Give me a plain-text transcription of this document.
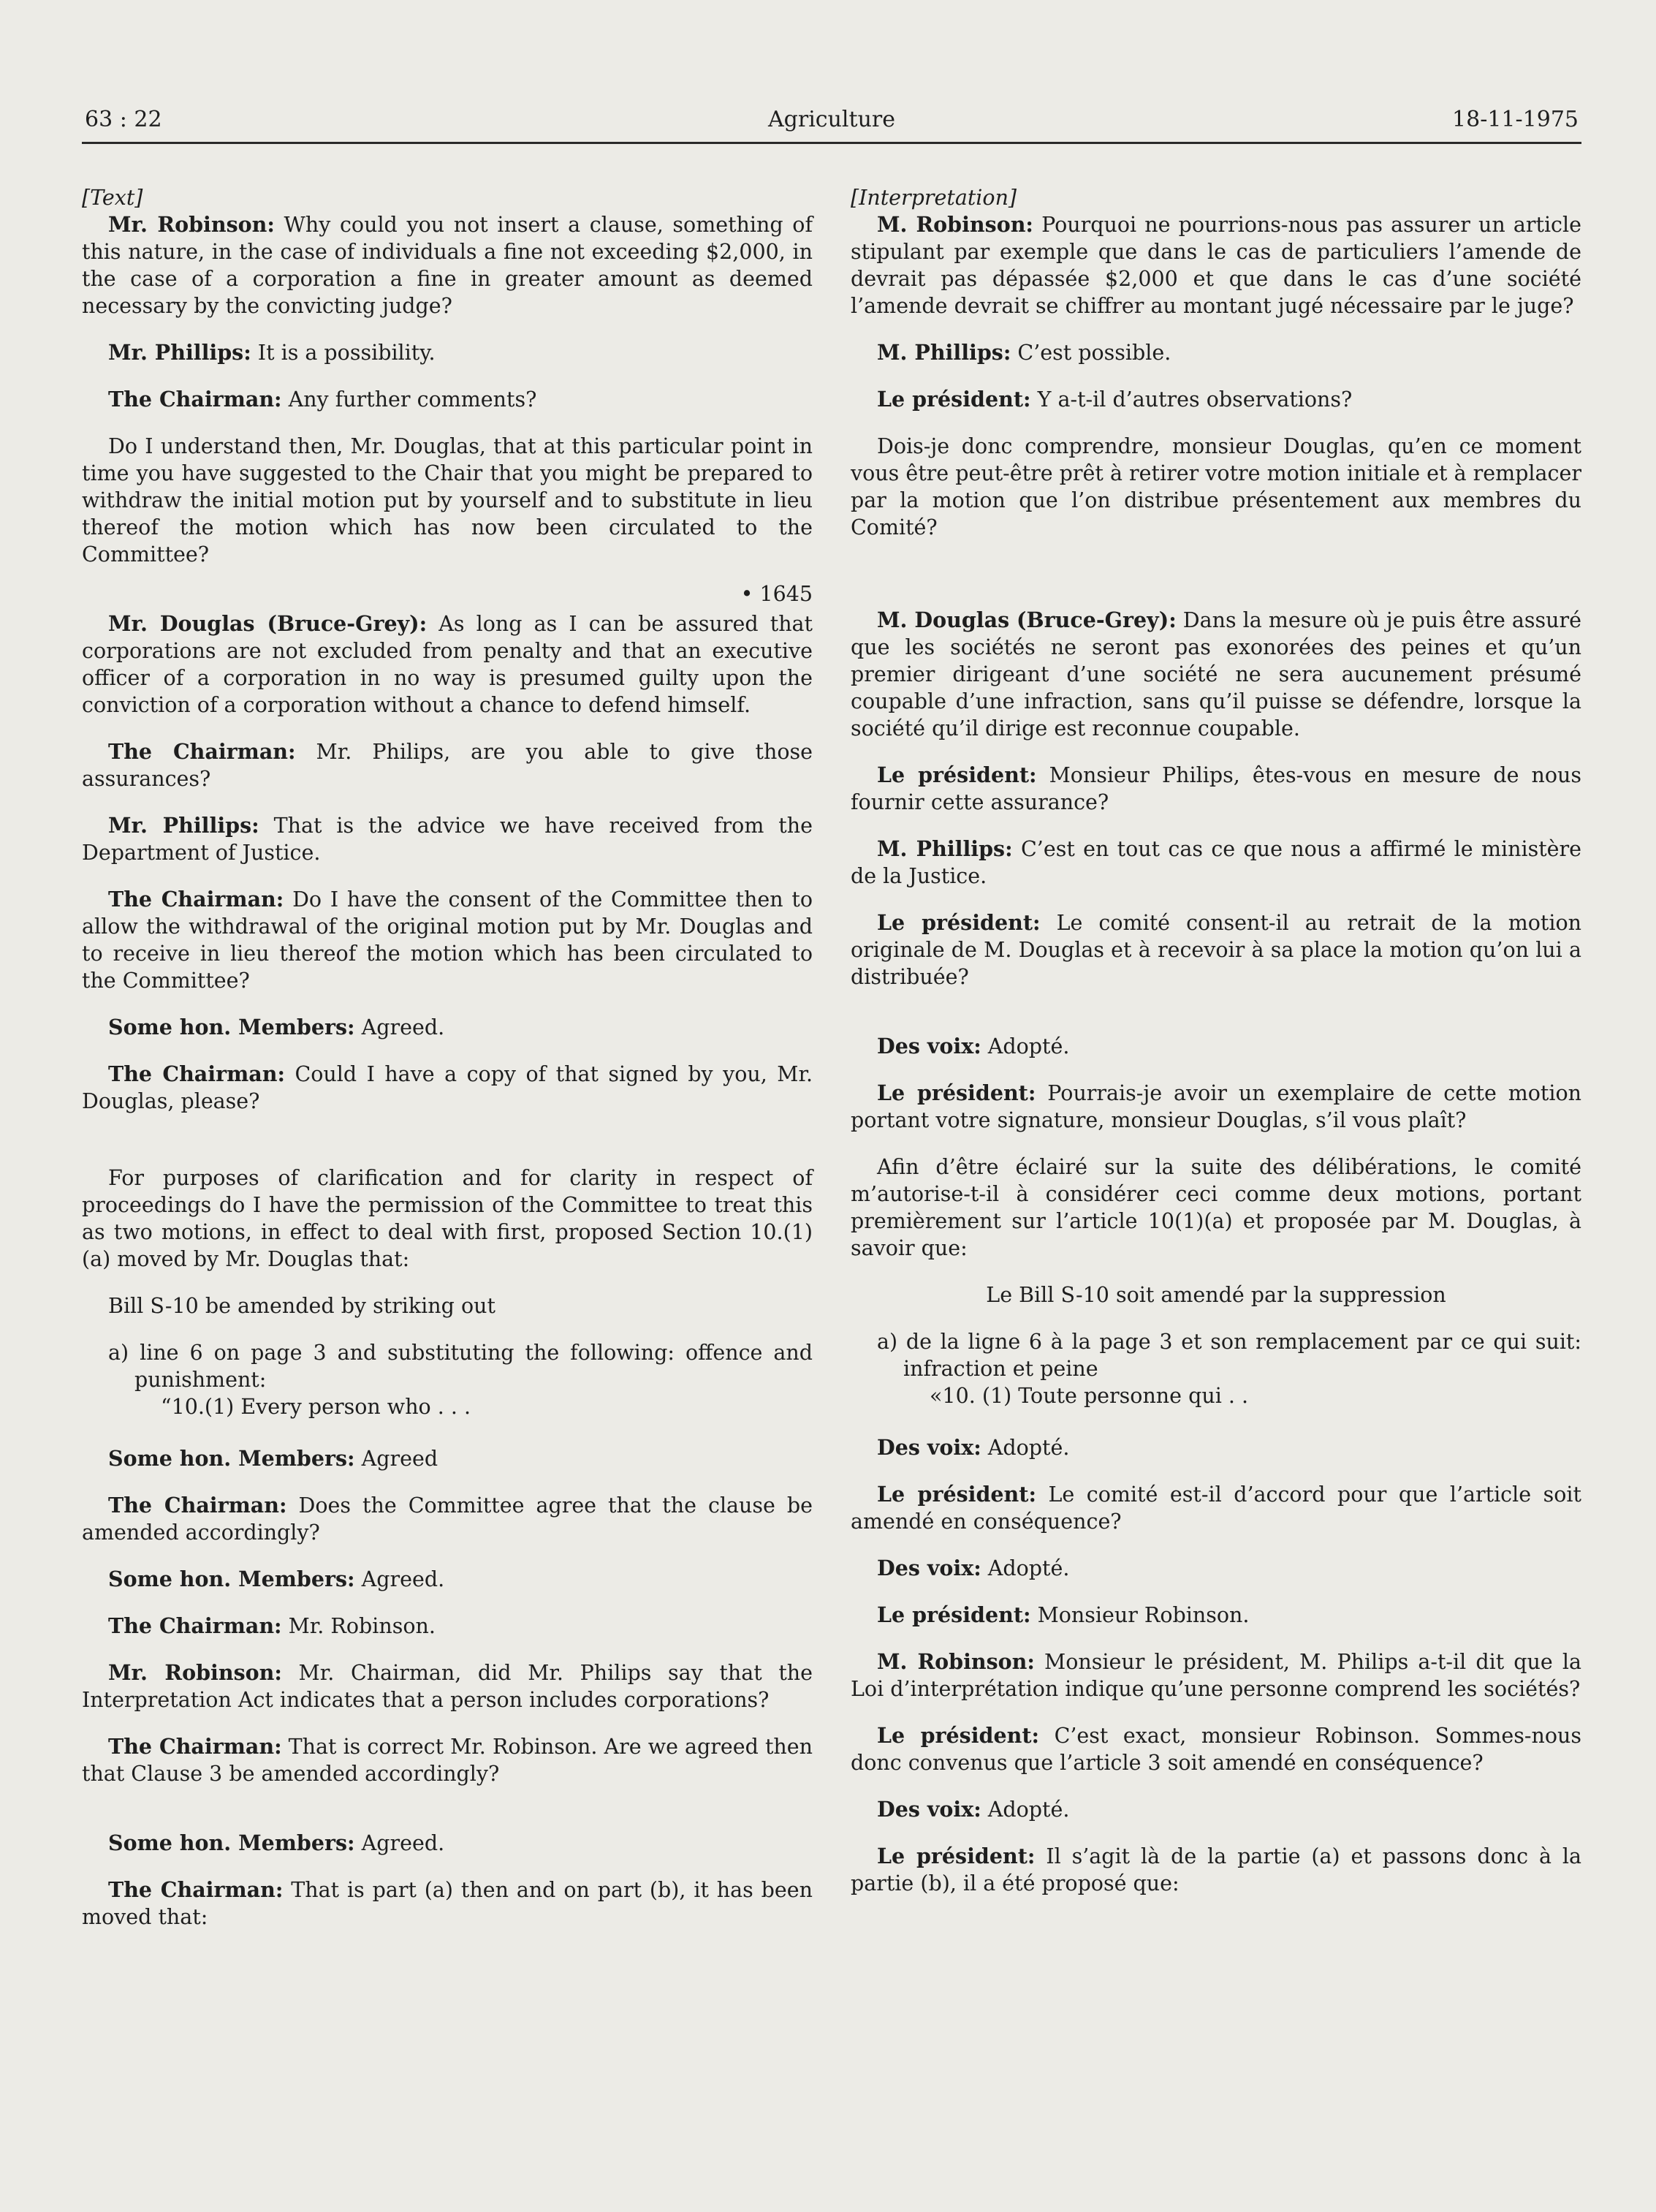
63 : 22	Agriculture	18-11-1975

[Text]

Mr. Robinson: Why could you not insert a clause, something of this nature, in the case of individuals a fine not exceeding $2,000, in the case of a corporation a fine in greater amount as deemed necessary by the convicting judge?

Mr. Phillips: It is a possibility.

The Chairman: Any further comments?

Do I understand then, Mr. Douglas, that at this particular point in time you have suggested to the Chair that you might be prepared to withdraw the initial motion put by yourself and to substitute in lieu thereof the motion which has now been circulated to the Committee?

• 1645

Mr. Douglas (Bruce-Grey): As long as I can be assured that corporations are not excluded from penalty and that an executive officer of a corporation in no way is presumed guilty upon the conviction of a corporation without a chance to defend himself.

The Chairman: Mr. Philips, are you able to give those assurances?

Mr. Phillips: That is the advice we have received from the Department of Justice.

The Chairman: Do I have the consent of the Committee then to allow the withdrawal of the original motion put by Mr. Douglas and to receive in lieu thereof the motion which has been circulated to the Committee?

Some hon. Members: Agreed.

The Chairman: Could I have a copy of that signed by you, Mr. Douglas, please?

For purposes of clarification and for clarity in respect of proceedings do I have the permission of the Committee to treat this as two motions, in effect to deal with first, proposed Section 10.(1)(a) moved by Mr. Douglas that:

Bill S-10 be amended by striking out

a) line 6 on page 3 and substituting the following: offence and punishment:

“10.(1) Every person who . . .

Some hon. Members: Agreed

The Chairman: Does the Committee agree that the clause be amended accordingly?

Some hon. Members: Agreed.

The Chairman: Mr. Robinson.

Mr. Robinson: Mr. Chairman, did Mr. Philips say that the Interpretation Act indicates that a person includes corporations?

The Chairman: That is correct Mr. Robinson. Are we agreed then that Clause 3 be amended accordingly?

Some hon. Members: Agreed.

The Chairman: That is part (a) then and on part (b), it has been moved that:

[Interpretation]

M. Robinson: Pourquoi ne pourrions-nous pas assurer un article stipulant par exemple que dans le cas de particuliers l’amende de devrait pas dépassée $2,000 et que dans le cas d’une société l’amende devrait se chiffrer au montant jugé nécessaire par le juge?

M. Phillips: C’est possible.

Le président: Y a-t-il d’autres observations?

Dois-je donc comprendre, monsieur Douglas, qu’en ce moment vous être peut-être prêt à retirer votre motion initiale et à remplacer par la motion que l’on distribue présentement aux membres du Comité?

M. Douglas (Bruce-Grey): Dans la mesure où je puis être assuré que les sociétés ne seront pas exonorées des peines et qu’un premier dirigeant d’une société ne sera aucunement présumé coupable d’une infraction, sans qu’il puisse se défendre, lorsque la société qu’il dirige est reconnue coupable.

Le président: Monsieur Philips, êtes-vous en mesure de nous fournir cette assurance?

M. Phillips: C’est en tout cas ce que nous a affirmé le ministère de la Justice.

Le président: Le comité consent-il au retrait de la motion originale de M. Douglas et à recevoir à sa place la motion qu’on lui a distribuée?

Des voix: Adopté.

Le président: Pourrais-je avoir un exemplaire de cette motion portant votre signature, monsieur Douglas, s’il vous plaît?

Afin d’être éclairé sur la suite des délibérations, le comité m’autorise-t-il à considérer ceci comme deux motions, portant premièrement sur l’article 10(1)(a) et proposée par M. Douglas, à savoir que:

Le Bill S-10 soit amendé par la suppression

a) de la ligne 6 à la page 3 et son remplacement par ce qui suit: infraction et peine

«10. (1) Toute personne qui . .

Des voix: Adopté.

Le président: Le comité est-il d’accord pour que l’article soit amendé en conséquence?

Des voix: Adopté.

Le président: Monsieur Robinson.

M. Robinson: Monsieur le président, M. Philips a-t-il dit que la Loi d’interprétation indique qu’une personne comprend les sociétés?

Le président: C’est exact, monsieur Robinson. Sommes-nous donc convenus que l’article 3 soit amendé en conséquence?

Des voix: Adopté.

Le président: Il s’agit là de la partie (a) et passons donc à la partie (b), il a été proposé que:
